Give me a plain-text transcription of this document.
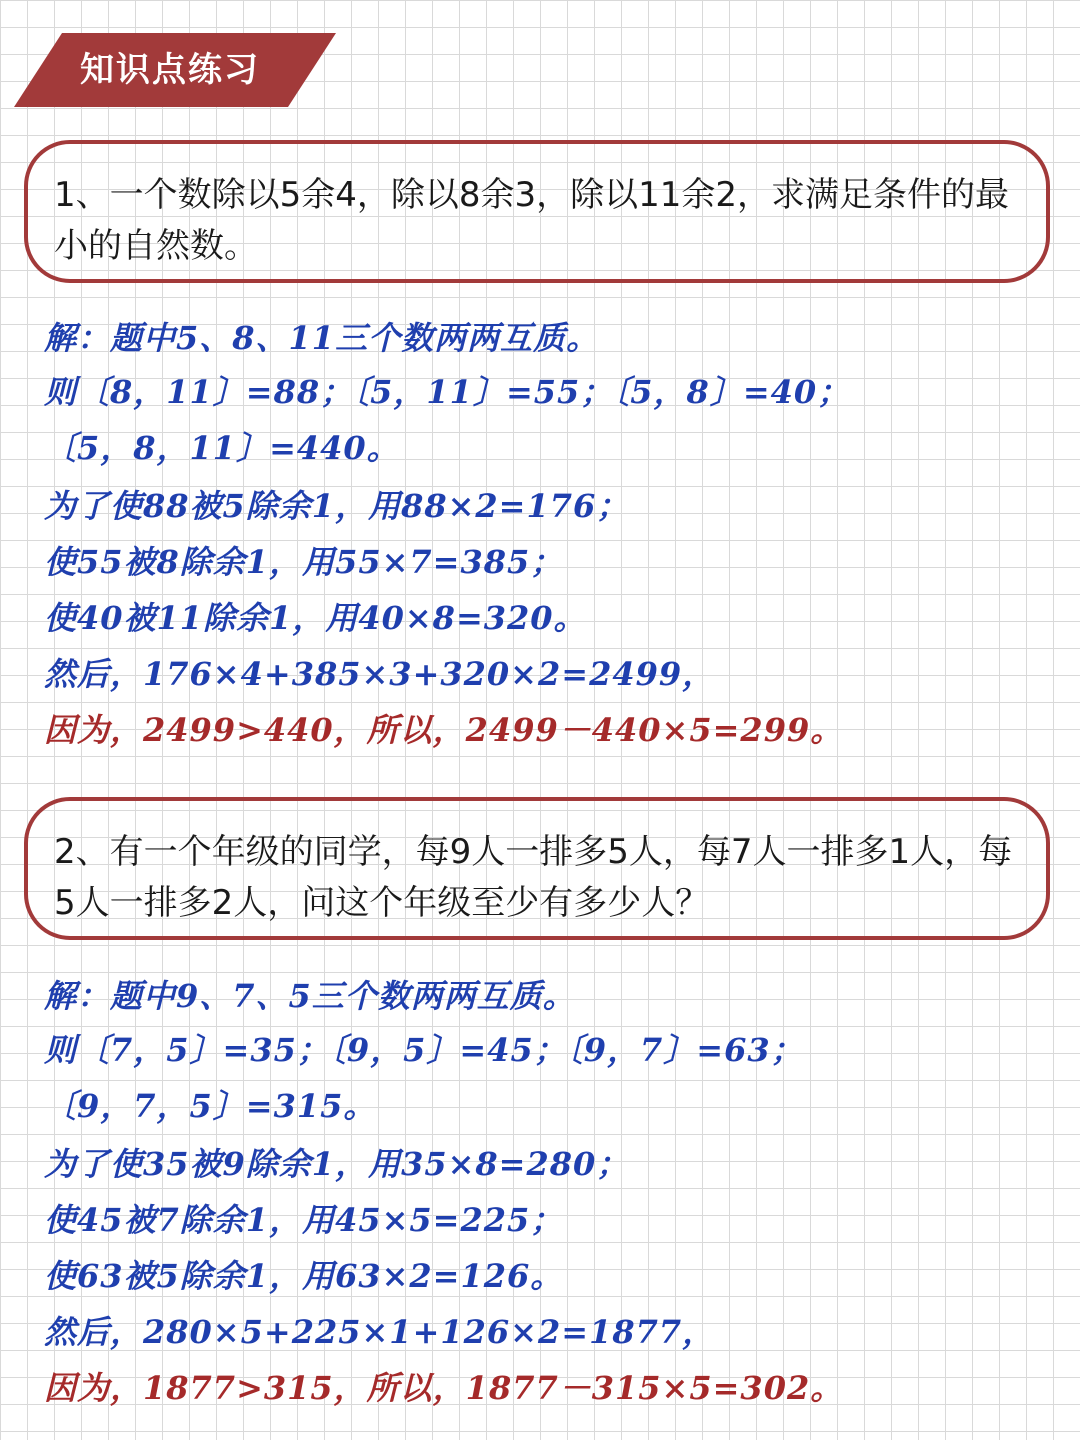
知识点练习
1、一个数除以5余4，除以8余3，除以11余2，求满足条件的最小的自然数。
解：题中5、8、11三个数两两互质。
则〔8，11〕=88；〔5，11〕=55；〔5，8〕=40；
〔5，8，11〕=440。
为了使88被5除余1，用88×2=176；
使55被8除余1，用55×7=385；
使40被11除余1，用40×8=320。
然后，176×4+385×3+320×2=2499，
因为，2499>440，所以，2499－440×5=299。
2、有一个年级的同学，每9人一排多5人，每7人一排多1人，每5人一排多2人，问这个年级至少有多少人？
解：题中9、7、5三个数两两互质。
则〔7，5〕=35；〔9，5〕=45；〔9，7〕=63；
〔9，7，5〕=315。
为了使35被9除余1，用35×8=280；
使45被7除余1，用45×5=225；
使63被5除余1，用63×2=126。
然后，280×5+225×1+126×2=1877，
因为，1877>315，所以，1877－315×5=302。
